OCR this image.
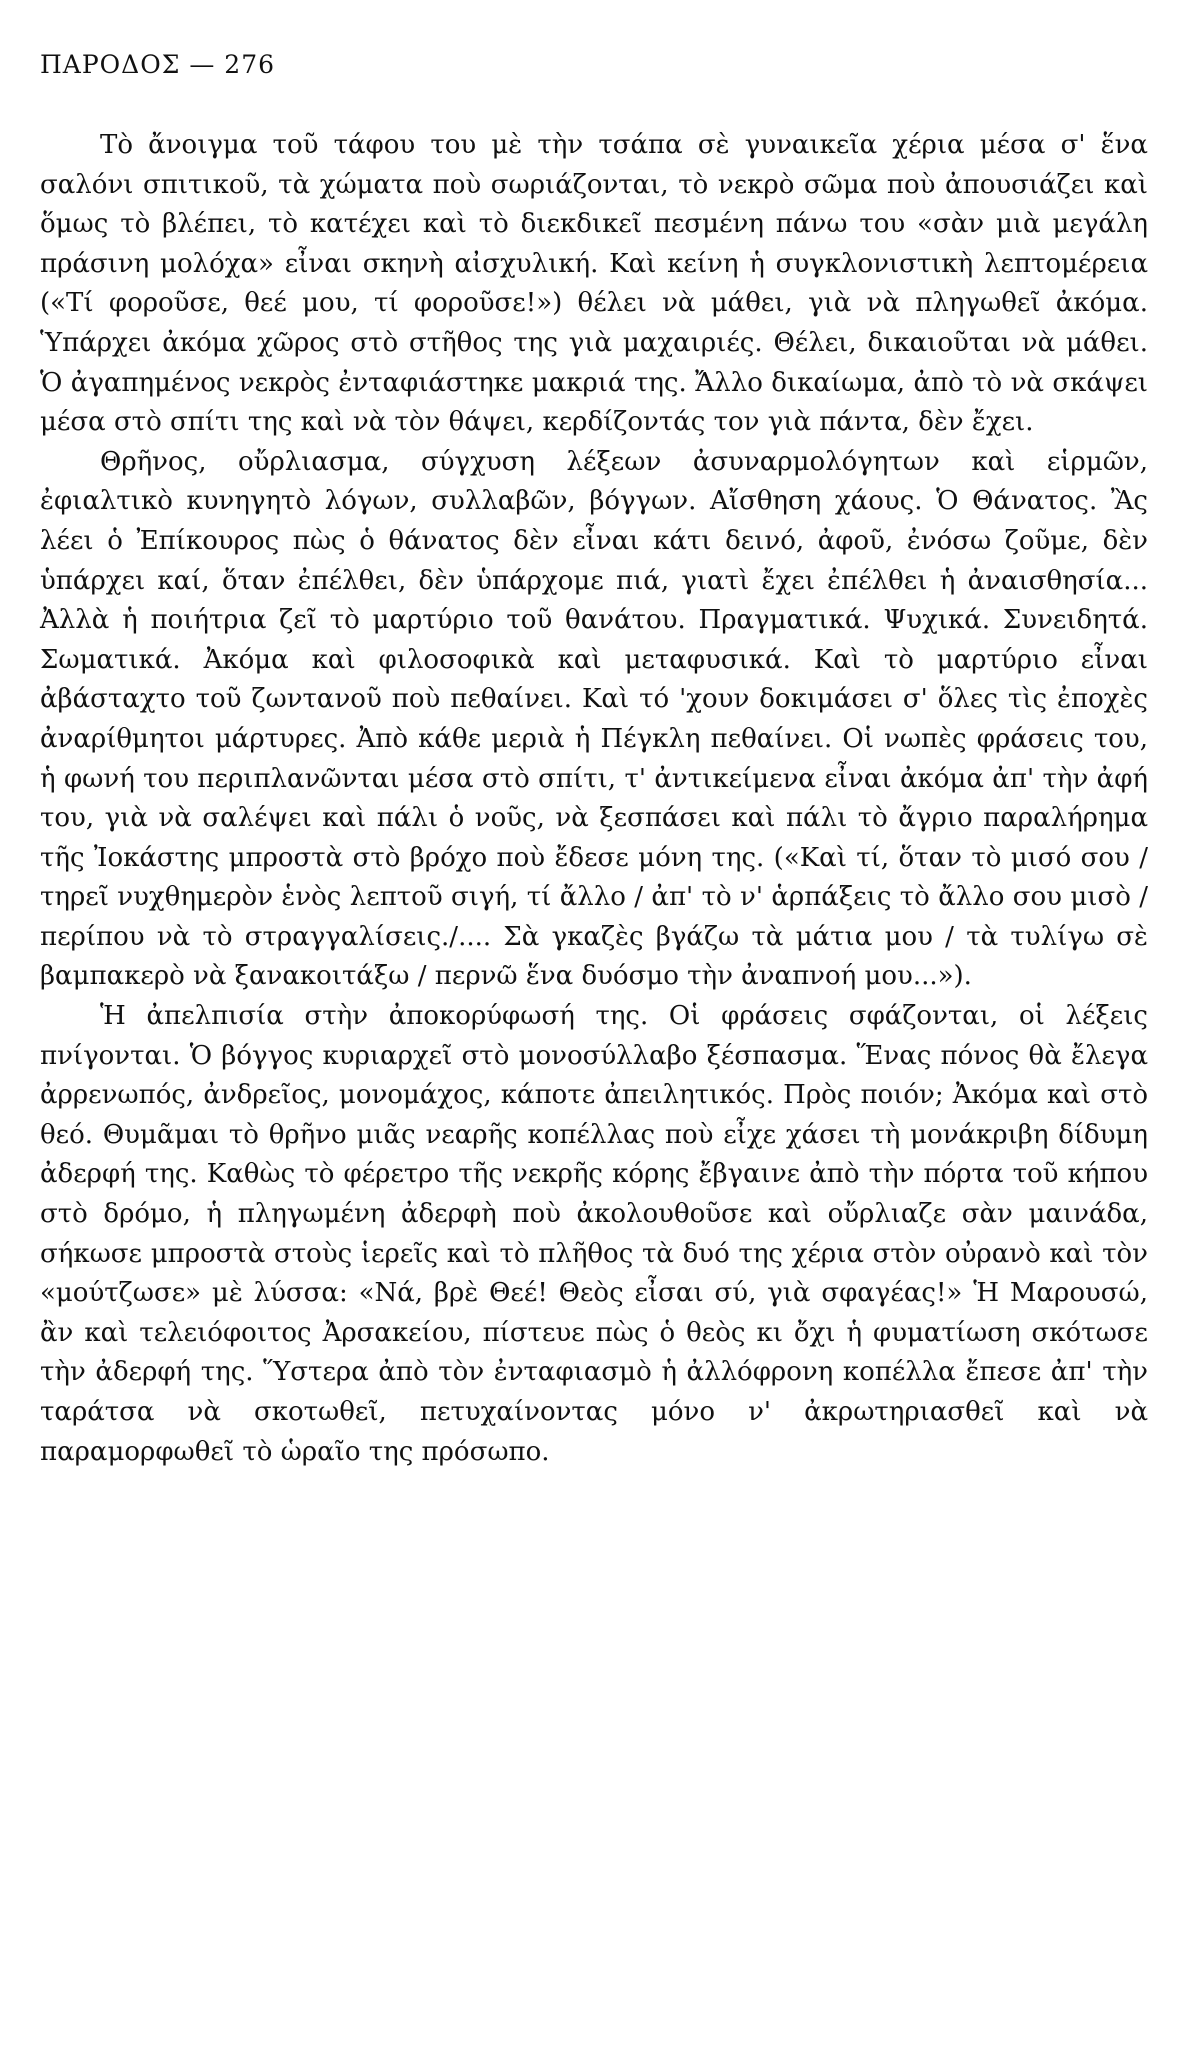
ΠΑΡΟΔΟΣ — 276

Τὸ ἄνοιγμα τοῦ τάφου του μὲ τὴν τσάπα σὲ γυναικεῖα χέρια μέσα σ' ἕνα σαλόνι σπιτικοῦ, τὰ χώματα ποὺ σωριάζονται, τὸ νεκρὸ σῶμα ποὺ ἀπουσιάζει καὶ ὅμως τὸ βλέπει, τὸ κατέχει καὶ τὸ διεκδικεῖ πεσμένη πάνω του «σὰν μιὰ μεγάλη πράσινη μολόχα» εἶναι σκηνὴ αἰσχυλική. Καὶ κείνη ἡ συγκλονιστικὴ λεπτομέρεια («Τί φοροῦσε, θεέ μου, τί φοροῦσε!») θέλει νὰ μάθει, γιὰ νὰ πληγωθεῖ ἀκόμα. Ὑπάρχει ἀκόμα χῶρος στὸ στῆθος της γιὰ μαχαιριές. Θέλει, δικαιοῦται νὰ μάθει. Ὁ ἀγαπημένος νεκρὸς ἐνταφιάστηκε μακριά της. Ἄλλο δικαίωμα, ἀπὸ τὸ νὰ σκάψει μέσα στὸ σπίτι της καὶ νὰ τὸν θάψει, κερδίζοντάς τον γιὰ πάντα, δὲν ἔχει.

Θρῆνος, οὔρλιασμα, σύγχυση λέξεων ἀσυναρμολόγητων καὶ εἱρμῶν, ἐφιαλτικὸ κυνηγητὸ λόγων, συλλαβῶν, βόγγων. Αἴσθηση χάους. Ὁ Θάνατος. Ἂς λέει ὁ Ἐπίκουρος πὼς ὁ θάνατος δὲν εἶναι κάτι δεινό, ἀφοῦ, ἐνόσω ζοῦμε, δὲν ὑπάρχει καί, ὅταν ἐπέλθει, δὲν ὑπάρχομε πιά, γιατὶ ἔχει ἐπέλθει ἡ ἀναισθησία... Ἀλλὰ ἡ ποιήτρια ζεῖ τὸ μαρτύριο τοῦ θανάτου. Πραγματικά. Ψυχικά. Συνειδητά. Σωματικά. Ἀκόμα καὶ φιλοσοφικὰ καὶ μεταφυσικά. Καὶ τὸ μαρτύριο εἶναι ἀβάσταχτο τοῦ ζωντανοῦ ποὺ πεθαίνει. Καὶ τό 'χουν δοκιμάσει σ' ὅλες τὶς ἐποχὲς ἀναρίθμητοι μάρτυρες. Ἀπὸ κάθε μεριὰ ἡ Πέγκλη πεθαίνει. Οἱ νωπὲς φράσεις του, ἡ φωνή του περιπλανῶνται μέσα στὸ σπίτι, τ' ἀντικείμενα εἶναι ἀκόμα ἀπ' τὴν ἀφή του, γιὰ νὰ σαλέψει καὶ πάλι ὁ νοῦς, νὰ ξεσπάσει καὶ πάλι τὸ ἄγριο παραλήρημα τῆς Ἰοκάστης μπροστὰ στὸ βρόχο ποὺ ἔδεσε μόνη της. («Καὶ τί, ὅταν τὸ μισό σου / τηρεῖ νυχθημερὸν ἑνὸς λεπτοῦ σιγή, τί ἄλλο / ἀπ' τὸ ν' ἁρπάξεις τὸ ἄλλο σου μισὸ / περίπου νὰ τὸ στραγγαλίσεις./.... Σὰ γκαζὲς βγάζω τὰ μάτια μου / τὰ τυλίγω σὲ βαμπακερὸ νὰ ξανακοιτάξω / περνῶ ἕνα δυόσμο τὴν ἀναπνοή μου...»).

Ἡ ἀπελπισία στὴν ἀποκορύφωσή της. Οἱ φράσεις σφάζονται, οἱ λέξεις πνίγονται. Ὁ βόγγος κυριαρχεῖ στὸ μονοσύλλαβο ξέσπασμα. Ἕνας πόνος θὰ ἔλεγα ἀρρενωπός, ἀνδρεῖος, μονομάχος, κάποτε ἀπειλητικός. Πρὸς ποιόν; Ἀκόμα καὶ στὸ θεό. Θυμᾶμαι τὸ θρῆνο μιᾶς νεαρῆς κοπέλλας ποὺ εἶχε χάσει τὴ μονάκριβη δίδυμη ἀδερφή της. Καθὼς τὸ φέρετρο τῆς νεκρῆς κόρης ἔβγαινε ἀπὸ τὴν πόρτα τοῦ κήπου στὸ δρόμο, ἡ πληγωμένη ἀδερφὴ ποὺ ἀκολουθοῦσε καὶ οὔρλιαζε σὰν μαινάδα, σήκωσε μπροστὰ στοὺς ἱερεῖς καὶ τὸ πλῆθος τὰ δυό της χέρια στὸν οὐρανὸ καὶ τὸν «μούτζωσε» μὲ λύσσα: «Νά, βρὲ Θεέ! Θεὸς εἶσαι σύ, γιὰ σφαγέας!» Ἡ Μαρουσώ, ἂν καὶ τελειόφοιτος Ἀρσακείου, πίστευε πὼς ὁ θεὸς κι ὄχι ἡ φυματίωση σκότωσε τὴν ἀδερφή της. Ὕστερα ἀπὸ τὸν ἐνταφιασμὸ ἡ ἀλλόφρονη κοπέλλα ἔπεσε ἀπ' τὴν ταράτσα νὰ σκοτωθεῖ, πετυχαίνοντας μόνο ν' ἀκρωτηριασθεῖ καὶ νὰ παραμορφωθεῖ τὸ ὡραῖο της πρόσωπο.
